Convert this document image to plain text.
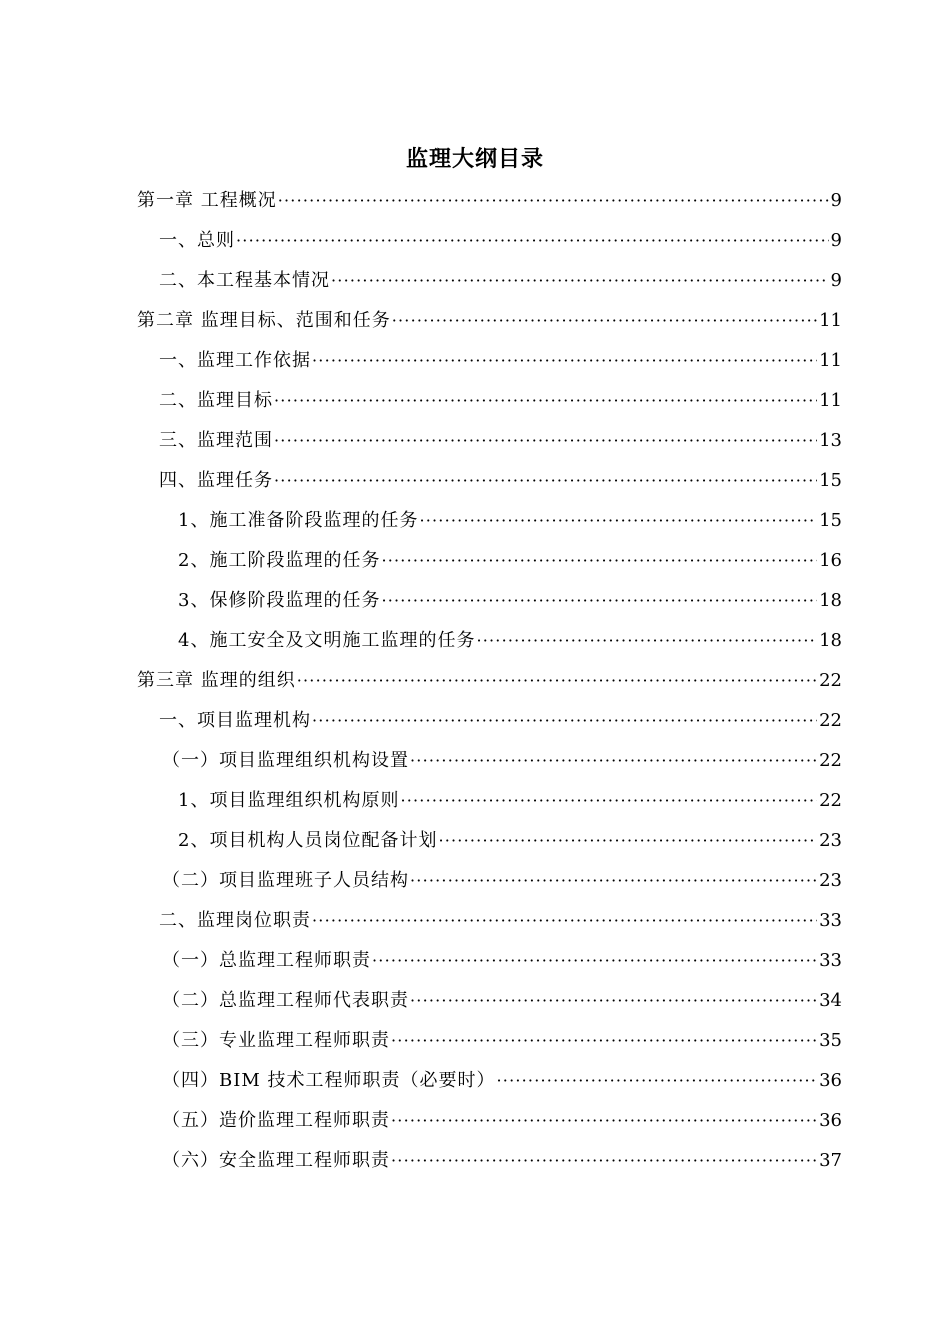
监理大纲目录
第一章 工程概况 ·····	9
一、总则 ·····	9
二、本工程基本情况 ·····	9
第二章 监理目标、范围和任务 ·····	11
一、监理工作依据 ·····	11
二、监理目标 ·····	11
三、监理范围 ·····	13
四、监理任务 ·····	15
1、施工准备阶段监理的任务 ·····	15
2、施工阶段监理的任务 ·····	16
3、保修阶段监理的任务 ·····	18
4、施工安全及文明施工监理的任务 ·····	18
第三章 监理的组织 ·····	22
一、项目监理机构 ·····	22
（一）项目监理组织机构设置 ·····	22
1、项目监理组织机构原则 ·····	22
2、项目机构人员岗位配备计划 ·····	23
（二）项目监理班子人员结构 ·····	23
二、监理岗位职责 ·····	33
（一）总监理工程师职责 ·····	33
（二）总监理工程师代表职责 ·····	34
（三）专业监理工程师职责 ·····	35
（四）BIM 技术工程师职责（必要时） ·····	36
（五）造价监理工程师职责 ·····	36
（六）安全监理工程师职责 ·····	37
